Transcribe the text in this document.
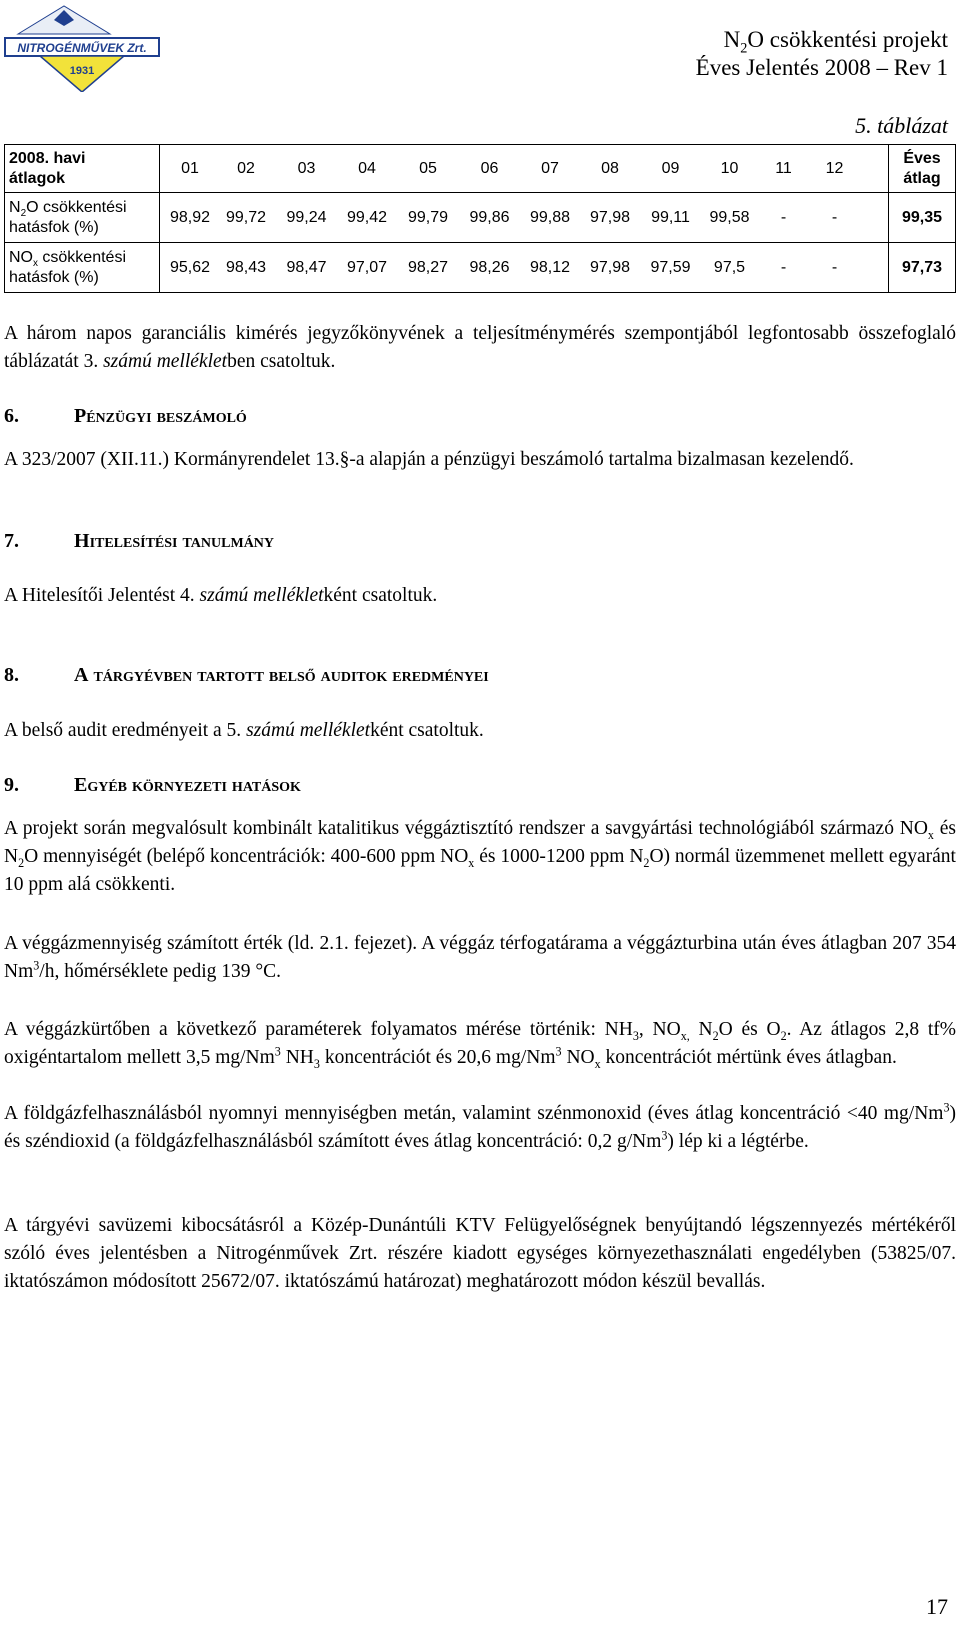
NITROGÉNMŰVEK Zrt.
1931
$N_2O$ csökkentési projekt
Éves Jelentés 2008 – Rev 1
5. táblázat
2008. havi
átlagok	01 02 03 04 05 06 07 08 09 10 11 12	Éves
átlag
$N_2O$ csökkentési
hatásfok (%)	98,92 99,72 99,24 99,42 99,79 99,86 99,88 97,98 99,11 99,58 - -	99,35
$NO_x$ csökkentési
hatásfok (%)	95,62 98,43 98,47 97,07 98,27 98,26 98,12 97,98 97,59 97,5 - -	97,73

A három napos garanciális kimérés jegyzőkönyvének a teljesítménymérés szempontjából legfontosabb összefoglaló táblázatát 3. számú mellékletben csatoltuk.

6.	Pénzügyi beszámoló

A 323/2007 (XII.11.) Kormányrendelet 13.§-a alapján a pénzügyi beszámoló tartalma bizalmasan kezelendő.

7.	Hitelesítési tanulmány

A Hitelesítői Jelentést 4. számú mellékletként csatoltuk.

8.	A tárgyévben tartott belső auditok eredményei

A belső audit eredményeit a 5. számú mellékletként csatoltuk.

9.	Egyéb környezeti hatások

A projekt során megvalósult kombinált katalitikus véggáztisztító rendszer a savgyártási technológiából származó $NO_x$ és $N_2O$ mennyiségét (belépő koncentrációk: 400-600 ppm $NO_x$ és 1000-1200 ppm $N_2O$) normál üzemmenet mellett egyaránt 10 ppm alá csökkenti.

A véggázmennyiség számított érték (ld. 2.1. fejezet). A véggáz térfogatárama a véggázturbina után éves átlagban 207 354 Nm$^3$/h, hőmérséklete pedig 139 °C.

A véggázkürtőben a következő paraméterek folyamatos mérése történik: $NH_3$, $NO_{x,}$ $N_2O$ és $O_2$. Az átlagos 2,8 tf% oxigéntartalom mellett 3,5 mg/Nm$^3$ $NH_3$ koncentrációt és 20,6 mg/Nm$^3$ $NO_x$ koncentrációt mértünk éves átlagban.

A földgázfelhasználásból nyomnyi mennyiségben metán, valamint szénmonoxid (éves átlag koncentráció <40 mg/Nm$^3$) és széndioxid (a földgázfelhasználásból számított éves átlag koncentráció: 0,2 g/Nm$^3$) lép ki a légtérbe.

A tárgyévi savüzemi kibocsátásról a Közép-Dunántúli KTV Felügyelőségnek benyújtandó légszennyezés mértékéről szóló éves jelentésben a Nitrogénművek Zrt. részére kiadott egységes környezethasználati engedélyben (53825/07. iktatószámon módosított 25672/07. iktatószámú határozat) meghatározott módon készül bevallás.

17
